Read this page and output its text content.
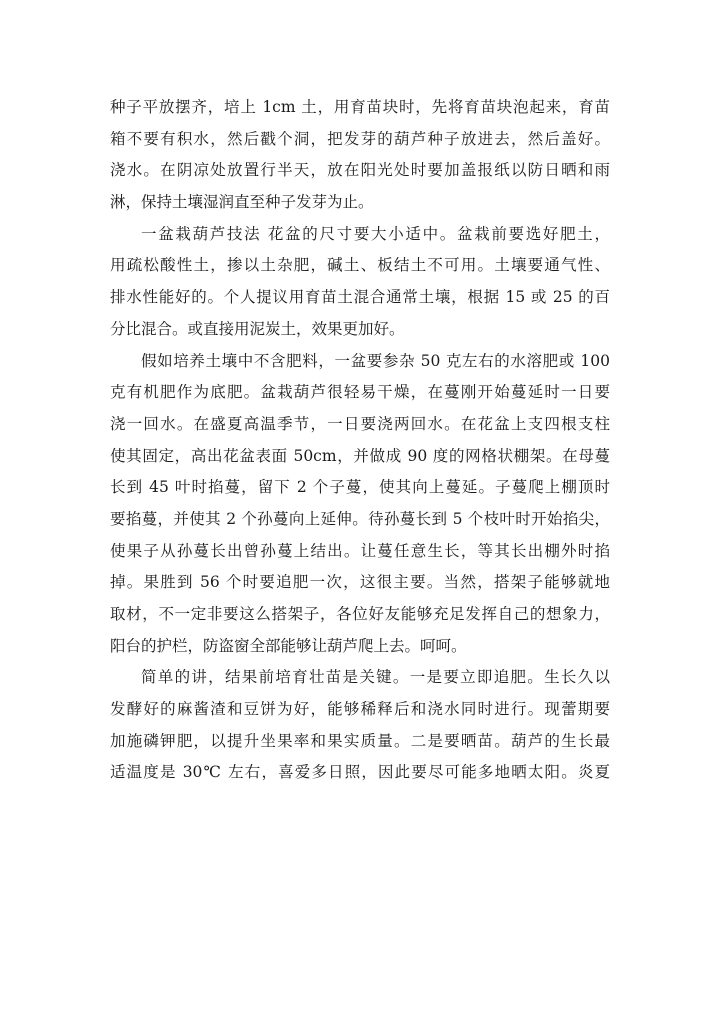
种子平放摆齐，培上 1cm 土，用育苗块时，先将育苗块泡起来，育苗
箱不要有积水，然后戳个洞，把发芽的葫芦种子放进去，然后盖好。
浇水。在阴凉处放置行半天，放在阳光处时要加盖报纸以防日晒和雨
淋，保持土壤湿润直至种子发芽为止。
一盆栽葫芦技法 花盆的尺寸要大小适中。盆栽前要选好肥土，
用疏松酸性土，掺以土杂肥，碱土、板结土不可用。土壤要通气性、
排水性能好的。个人提议用育苗土混合通常土壤，根据 15 或 25 的百
分比混合。或直接用泥炭土，效果更加好。
假如培养土壤中不含肥料，一盆要参杂 50 克左右的水溶肥或 100
克有机肥作为底肥。盆栽葫芦很轻易干燥，在蔓刚开始蔓延时一日要
浇一回水。在盛夏高温季节，一日要浇两回水。在花盆上支四根支柱
使其固定，高出花盆表面 50cm，并做成 90 度的网格状棚架。在母蔓
长到 45 叶时掐蔓，留下 2 个子蔓，使其向上蔓延。子蔓爬上棚顶时
要掐蔓，并使其 2 个孙蔓向上延伸。待孙蔓长到 5 个枝叶时开始掐尖，
使果子从孙蔓长出曾孙蔓上结出。让蔓任意生长，等其长出棚外时掐
掉。果胜到 56 个时要追肥一次，这很主要。当然，搭架子能够就地
取材，不一定非要这么搭架子，各位好友能够充足发挥自己的想象力，
阳台的护栏，防盗窗全部能够让葫芦爬上去。呵呵。
简单的讲，结果前培育壮苗是关键。一是要立即追肥。生长久以
发酵好的麻酱渣和豆饼为好，能够稀释后和浇水同时进行。现蕾期要
加施磷钾肥，以提升坐果率和果实质量。二是要晒苗。葫芦的生长最
适温度是 30℃ 左右，喜爱多日照，因此要尽可能多地晒太阳。炎夏
